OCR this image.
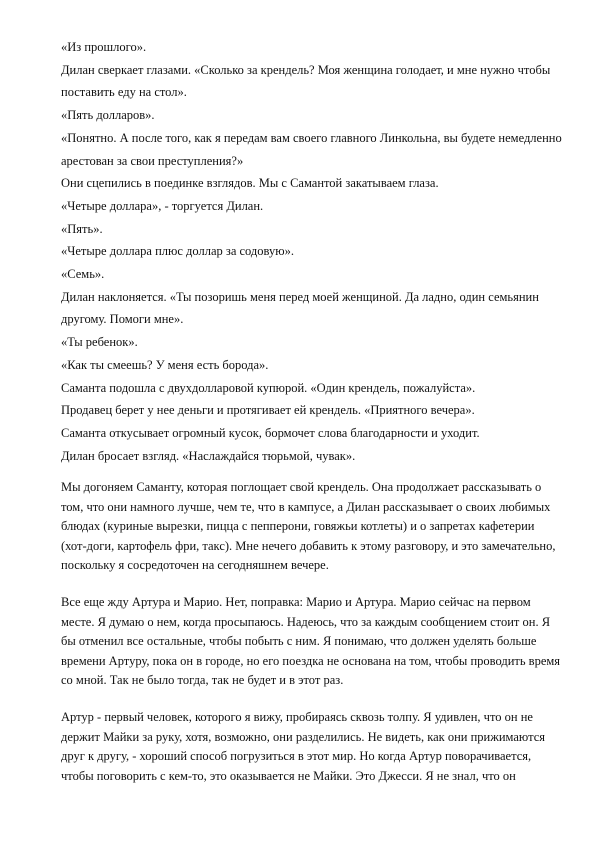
«Из прошлого».

Дилан сверкает глазами. «Сколько за крендель? Моя женщина голодает, и мне нужно чтобы

поставить еду на стол».

«Пять долларов».

«Понятно. А после того, как я передам вам своего главного Линкольна, вы будете немедленно

арестован за свои преступления?»

Они сцепились в поединке взглядов. Мы с Самантой закатываем глаза.

«Четыре доллара», - торгуется Дилан.

«Пять».

«Четыре доллара плюс доллар за содовую».

«Семь».

Дилан наклоняется. «Ты позоришь меня перед моей женщиной. Да ладно, один семьянин

другому. Помоги мне».

«Ты ребенок».

«Как ты смеешь? У меня есть борода».

Саманта подошла с двухдолларовой купюрой. «Один крендель, пожалуйста».

Продавец берет у нее деньги и протягивает ей крендель. «Приятного вечера».

Саманта откусывает огромный кусок, бормочет слова благодарности и уходит.

Дилан бросает взгляд. «Наслаждайся тюрьмой, чувак».

Мы догоняем Саманту, которая поглощает свой крендель. Она продолжает рассказывать о

том, что они намного лучше, чем те, что в кампусе, а Дилан рассказывает о своих любимых

блюдах (куриные вырезки, пицца с пепперони, говяжьи котлеты) и о запретах кафетерии

(хот-доги, картофель фри, такс). Мне нечего добавить к этому разговору, и это замечательно,

поскольку я сосредоточен на сегодняшнем вечере.

Все еще жду Артура и Марио. Нет, поправка: Марио и Артура. Марио сейчас на первом

месте. Я думаю о нем, когда просыпаюсь. Надеюсь, что за каждым сообщением стоит он. Я

бы отменил все остальные, чтобы побыть с ним. Я понимаю, что должен уделять больше

времени Артуру, пока он в городе, но его поездка не основана на том, чтобы проводить время

со мной. Так не было тогда, так не будет и в этот раз.

Артур - первый человек, которого я вижу, пробираясь сквозь толпу. Я удивлен, что он не

держит Майки за руку, хотя, возможно, они разделились. Не видеть, как они прижимаются

друг к другу, - хороший способ погрузиться в этот мир. Но когда Артур поворачивается,

чтобы поговорить с кем-то, это оказывается не Майки. Это Джесси. Я не знал, что он
